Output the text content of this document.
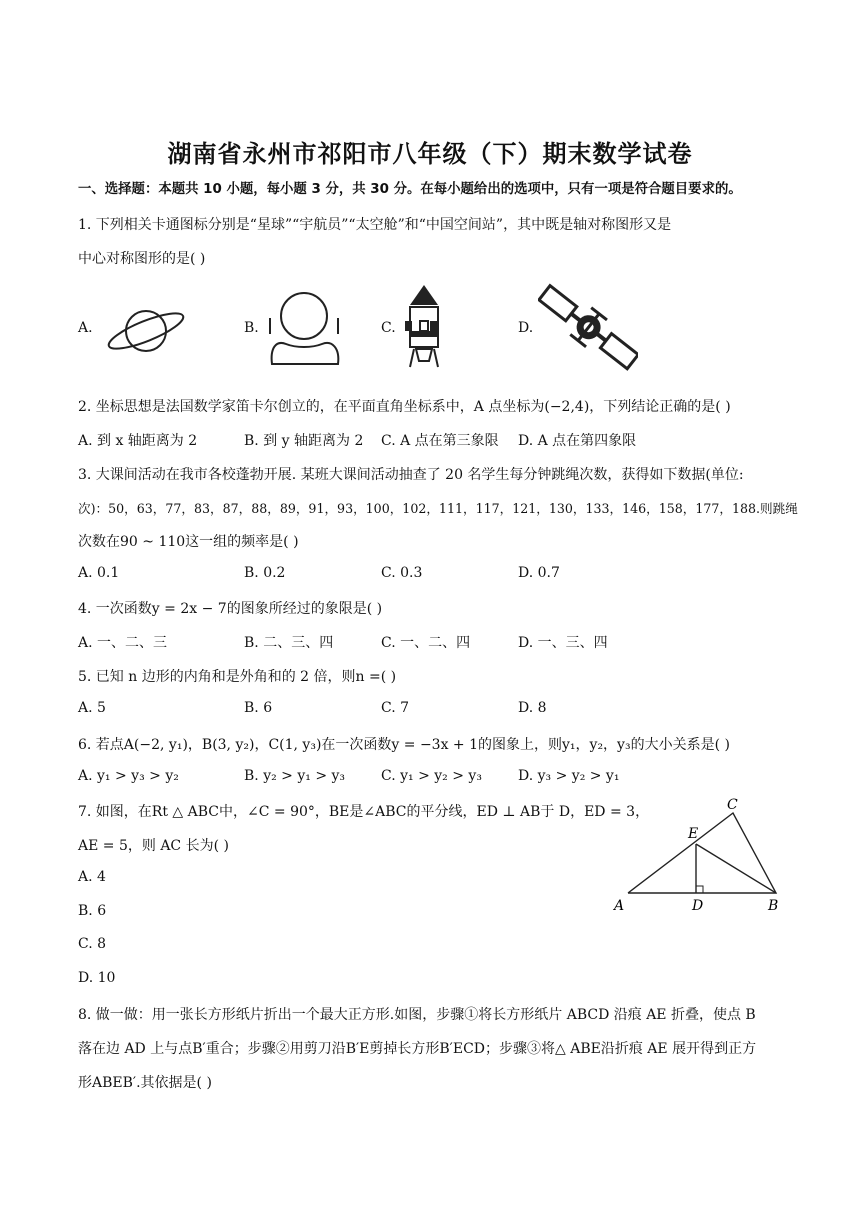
湖南省永州市祁阳市八年级（下）期末数学试卷
一、选择题：本题共 10 小题，每小题 3 分，共 30 分。在每小题给出的选项中，只有一项是符合题目要求的。
1. 下列相关卡通图标分别是“星球”“宇航员”“太空舱”和“中国空间站”，其中既是轴对称图形又是
中心对称图形的是( )
A.	B.	C.	D.
2. 坐标思想是法国数学家笛卡尔创立的，在平面直角坐标系中，A 点坐标为(−2,4)，下列结论正确的是( )
A. 到 x 轴距离为 2	B. 到 y 轴距离为 2 C. A 点在第三象限 D. A 点在第四象限
3. 大课间活动在我市各校蓬勃开展. 某班大课间活动抽查了 20 名学生每分钟跳绳次数，获得如下数据(单位:
次)：50，63，77，83，87，88，89，91，93，100，102，111，117，121，130，133，146，158，177，188.则跳绳
次数在90 ~ 110这一组的频率是( )
A. 0.1	B. 0.2	C. 0.3	D. 0.7
4. 一次函数y = 2x − 7的图象所经过的象限是( )
A. 一、二、三	B. 二、三、四	C. 一、二、四	D. 一、三、四
5. 已知 n 边形的内角和是外角和的 2 倍，则n =( )
A. 5	B. 6	C. 7	D. 8
6. 若点A(−2, y₁)，B(3, y₂)，C(1, y₃)在一次函数y = −3x + 1的图象上，则y₁，y₂，y₃的大小关系是( )
A. y₁ > y₃ > y₂	B. y₂ > y₁ > y₃	C. y₁ > y₂ > y₃	D. y₃ > y₂ > y₁
7. 如图，在Rt △ ABC中，∠C = 90°，BE是∠ABC的平分线，ED ⊥ AB于 D，ED = 3，
AE = 5，则 AC 长为( )
A. 4
B. 6
C. 8
D. 10
A	D	B
C
E
8. 做一做：用一张长方形纸片折出一个最大正方形.如图，步骤①将长方形纸片 ABCD 沿痕 AE 折叠，使点 B
落在边 AD 上与点B′重合；步骤②用剪刀沿B′E剪掉长方形B′ECD；步骤③将△ ABE沿折痕 AE 展开得到正方
形ABEB′.其依据是( )
